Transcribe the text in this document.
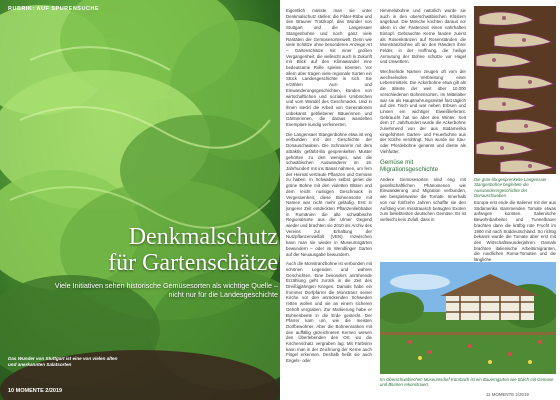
RUBRIK: AUF SPURENSUCHE
Denkmalschutz
für Gartenschätze
Viele Initiativen sehen historische Gemüsesorten als wichtige Quelle – nicht nur für die Landesgeschichte
Das Wunder von Stuttgart ist eine von vielen alten und anerkannten Salatsorten
10 MOMENTE 2/2019

Eigentlich müsste man sie unter Denkmalschutz stellen: die Filder-Rübe und den Brauner Trotzkopf, das Wunder von Stuttgart und die Langensaer Stangenbohne und noch ganz viele Raritäten der Gemüsesortenwelt. Denn wie viele Schätze ohne besonderen Anzeige Art – Gartenschätze mit einer großen Vergangenheit, die vielleicht auch in Zukunft mit Blick auf den Klimawandel eine bedeutsame Rolle spielen könnten. Vor allem aber tragen viele regionale Sorten ein Stück Landesgeschichte in sich. Sie erzählen Aus- und Einwanderungsgeschichten, künden von wirtschaftlichen und sozialen Umbrüchen und vom Wandel des Geschmacks. Und in ihnen steckt die Arbeit von Generationen unbekannt gebliebener Bäuerinnen und Gärtnerinnen, die daraus wandelten Exemplare kundig verfeinerten.

Die Langensaer Stangenbohne etwa ist eng verbunden mit der Geschichte der Donauschwaben. Die Schmarerin mit dem attraktiv gefärbt-lila gesprenkelten Muster gehörten zu den wenigen, was die schwäbischen Auswanderer im 18. Jahrhundert mit ins Banat nahmen, um fern der Heimat vertraute Pflanzen und Gemüse zu haben. In Schwaben selbst geriet die grüne Bohne mit den violetten Blüten und dem leicht nussigen Geschmack in Vergessenheit, diese Bohnensorte mit Namen war nicht mehr geläufig. Erst in jüngerer Zeit entdeckten Pflanzenliebhaber in Rumänien die alte schwäbische Regionalsorte aus der Ulmer Gegend wieder und brachten sie 2010 ins Archiv des Vereins zur Erhaltung der Nutzpflanzenvielfalt (VEN). Inzwischen kann man sie wieder in Museumsgärten bewundern – oder im Wendlinger Garten auf der Neuausgabe bewundern.

Auch die Monstranzbohne ist verbunden mit schönen Legenden und wahren Geschichten. Eine besonders anrührende Erzählung geht zurück in die Zeit des Dreißigjährigen Krieges. Damals habe ein frommer Dorfpfarrer die Monstranz seiner Kirche vor den anrückenden Schweden retten wollen und sie an einem sicheren Gehöft vergraben. Zur Markierung habe er Bohnenbeete in die Erde gesteckt. Der Pfarrer kam um, wie die meisten Dorfbewohner. Aber die Bohnenranken mit den auffällig gezeichneten Kernen wiesen den Überlebenden den Ort, wo die Kirchenschatz vergraben lag. Mit Farbsinn kann man in der Zeichnung der Kerne auch Flügel erkennen. Deshalb heißt sie auch Engels- oder

Himmelsbohne und natürlich wurde sie auch in den oberschwäbischen Klöstern angebaut. Die Mönche kochten daraus vor allem in der Fastenzeit einen nahrhaften Eintopf. Gebrauchte Kerne fanden zuerst als Rosenkränzen auf Rosenständen die Monstranzbohne oft an den Rändern ihrer Felder, in der Hoffnung, die heilige Anmutung der Bohne schütze vor Hagel und Unwettern.

Wechselnde Namen zeugen oft vom der wechselvollen Verbreitung einer Lebensmittels. Die Ackerbohne etwa gilt als die älteste der weit über 10.000 verschiedenen Bohnensorten. Im Mittelalter war sie als Hauptnahrungsmittel fast täglich auf den Tisch und war neben Erbsen und Linsen ein wichtiger Eiweißlieferant. Gebraucht hat sie aber den Winter. Seit dem 17. Jahrhundert wurde die Ackerbohne zunehmend von der aus Südamerika eingeführten Garten- und Feuerbohne aus der Küche verdrängt. Nun wurde sie Sau- oder Pferdebohne genannt und diente als Viehfutter.

Gemüse mit
Migrationsgeschichte

Andere Gemüsesorten sind eng mit gesellschaftlichen Phänomenen wie Einwanderung und Migration verbunden, wie beispielsweise die Tomate. Innerhalb von nur fünfzehn Jahren schaffte sie den Aufstieg vom misstrauisch beäugten Exoten zum beliebtesten deutschen Gemüse. Es ist vielleicht kein Zufall, dass in

Die grün-lila gesprenkelte Langensaer Stangenbohne begleitete die Auswanderergeschichte der Donauschwaben.

Europa erst ende die Italiener mit der aus Südamerika stammenden Tomate etwas anfangen konnten. Italienische Bewohnbarbeiter und Tunnelbauer brachten dann die kräftig rote Frucht im 1900 mit nach Süddeutschland. So richtig bekannt wurde die Tomate aber erst mit den Wirtschaftswunderjahren. Damals brachten italienische Arbeitsmigranten, die rundlichen Roma-Tomaten und die längliche

Im Oberschwäbischen Museumsdorf Kürnbach ist ein Bauerngarten wie üblich mit Gemüse und Blumen rekonstruiert.
11 MOMENTE 2/2019
